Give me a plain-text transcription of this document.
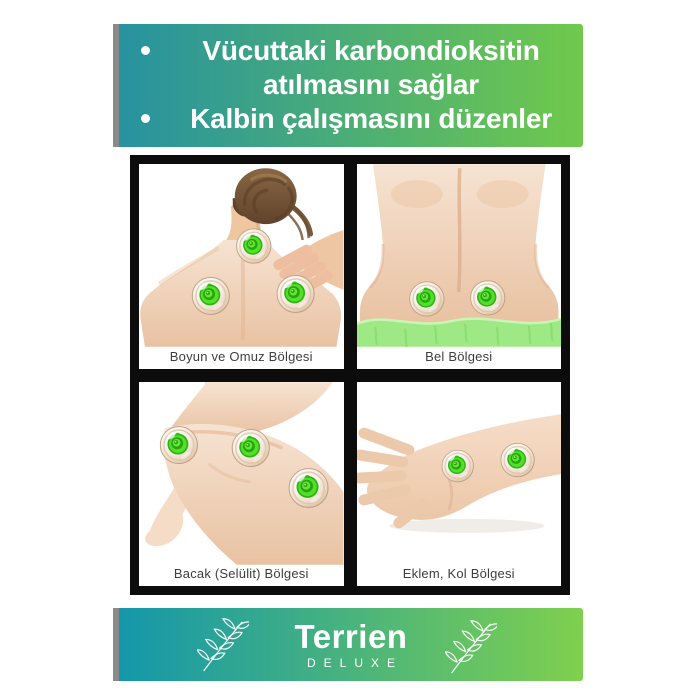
Vücuttaki karbondioksitin atılmasını sağlar
Kalbin çalışmasını düzenler
Boyun ve Omuz Bölgesi	Bel Bölgesi
Bacak (Selülit) Bölgesi	Eklem, Kol Bölgesi
Terrien
DELUXE
